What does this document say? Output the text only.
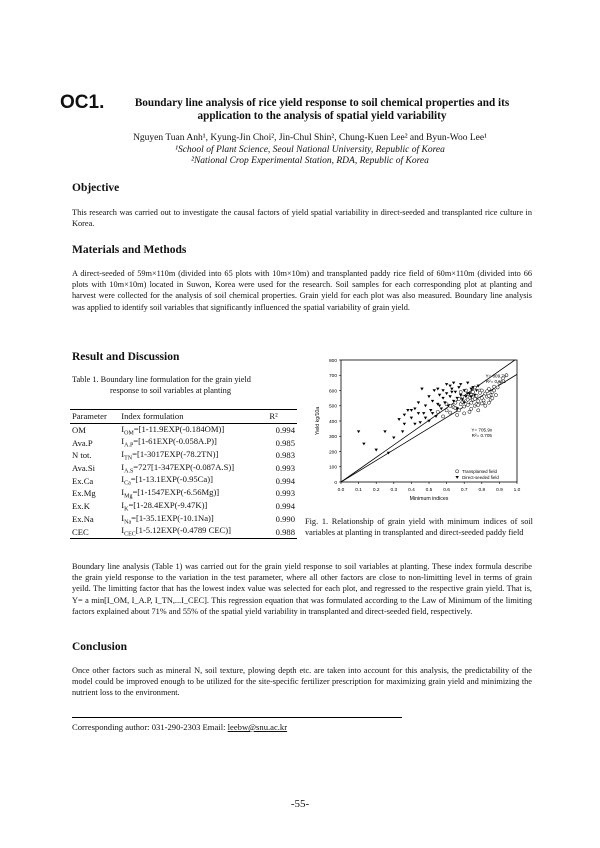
OC1.	Boundary line analysis of rice yield response to soil chemical properties and its
application to the analysis of spatial yield variability
Nguyen Tuan Anh¹, Kyung-Jin Choi², Jin-Chul Shin², Chung-Kuen Lee² and Byun-Woo Lee¹
¹School of Plant Science, Seoul National University, Republic of Korea
²National Crop Experimental Station, RDA, Republic of Korea
Objective
This research was carried out to investigate the causal factors of yield spatial variability in direct-seeded and transplanted rice culture in Korea.
Materials and Methods
A direct-seeded of 59m×110m (divided into 65 plots with 10m×10m) and transplanted paddy rice field of 60m×110m (divided into 66 plots with 10m×10m) located in Suwon, Korea were used for the research. Soil samples for each corresponding plot at planting and harvest were collected for the analysis of soil chemical properties. Grain yield for each plot was also measured. Boundary line analysis was applied to identify soil variables that significantly influenced the spatial variability of grain yield.
Result and Discussion
Table 1. Boundary line formulation for the grain yield
response to soil variables at planting
Parameter	Index formulation	R²
OM	$I_{OM}=[1-11.9EXP(-0.184OM)]$	0.994
Ava.P	$I_{A.P}=[1-61EXP(-0.058A.P)]$	0.985
N tot.	$I_{TN}=[1-3017EXP(-78.2TN)]$	0.983
Ava.Si	$I_{A.S}=727[1-347EXP(-0.087A.S)]$	0.993
Ex.Ca	$I_{Ca}=[1-13.1EXP(-0.95Ca)]$	0.994
Ex.Mg	$I_{Mg}=[1-1547EXP(-6.56Mg)]$	0.993
Ex.K	$I_K=[1-28.4EXP(-9.47K)]$	0.994
Ex.Na	$I_{Na}=[1-35.1EXP(-10.1Na)]$	0.990
CEC	$I_{CEC}[1-5.12EXP(-0.4789$ CEC)]	0.988
0.0 0.1 0.2 0.3 0.4 0.5 0.6 0.7 0.8 0.9 1.0
0
100
200
300
400
500
600
700
800
Minimum indices
Yield kg/10a
Y= 809.7x
R²= 0.551
Y= 705.9x
R²= 0.705
Transplanted field
Direct-seeded field
Fig. 1. Relationship of grain yield with minimum indices of soil variables at planting in transplanted and direct-seeded paddy field
Boundary line analysis (Table 1) was carried out for the grain yield response to soil variables at planting. These index formula describe the grain yield response to the variation in the test parameter, where all other factors are close to non-limitting level in terms of grain yeild. The limitting factor that has the lowest index value was selected for each plot, and regressed to the respective grain yield. That is, Y= a min[I_OM, I_A.P, I_TN,...I_CEC]. This regression equation that was formulated according to the Law of Minimum of the limiting factors explained about 71% and 55% of the spatial yield variability in transplanted and direct-seeded field, respectively.
Conclusion
Once other factors such as mineral N, soil texture, plowing depth etc. are taken into account for this analysis, the predictability of the model could be improved enough to be utilized for the site-specific fertilizer prescription for maximizing grain yield and minimizing the nutrient loss to the environment.
Corresponding author: 031-290-2303 Email: leebw@snu.ac.kr
-55-
